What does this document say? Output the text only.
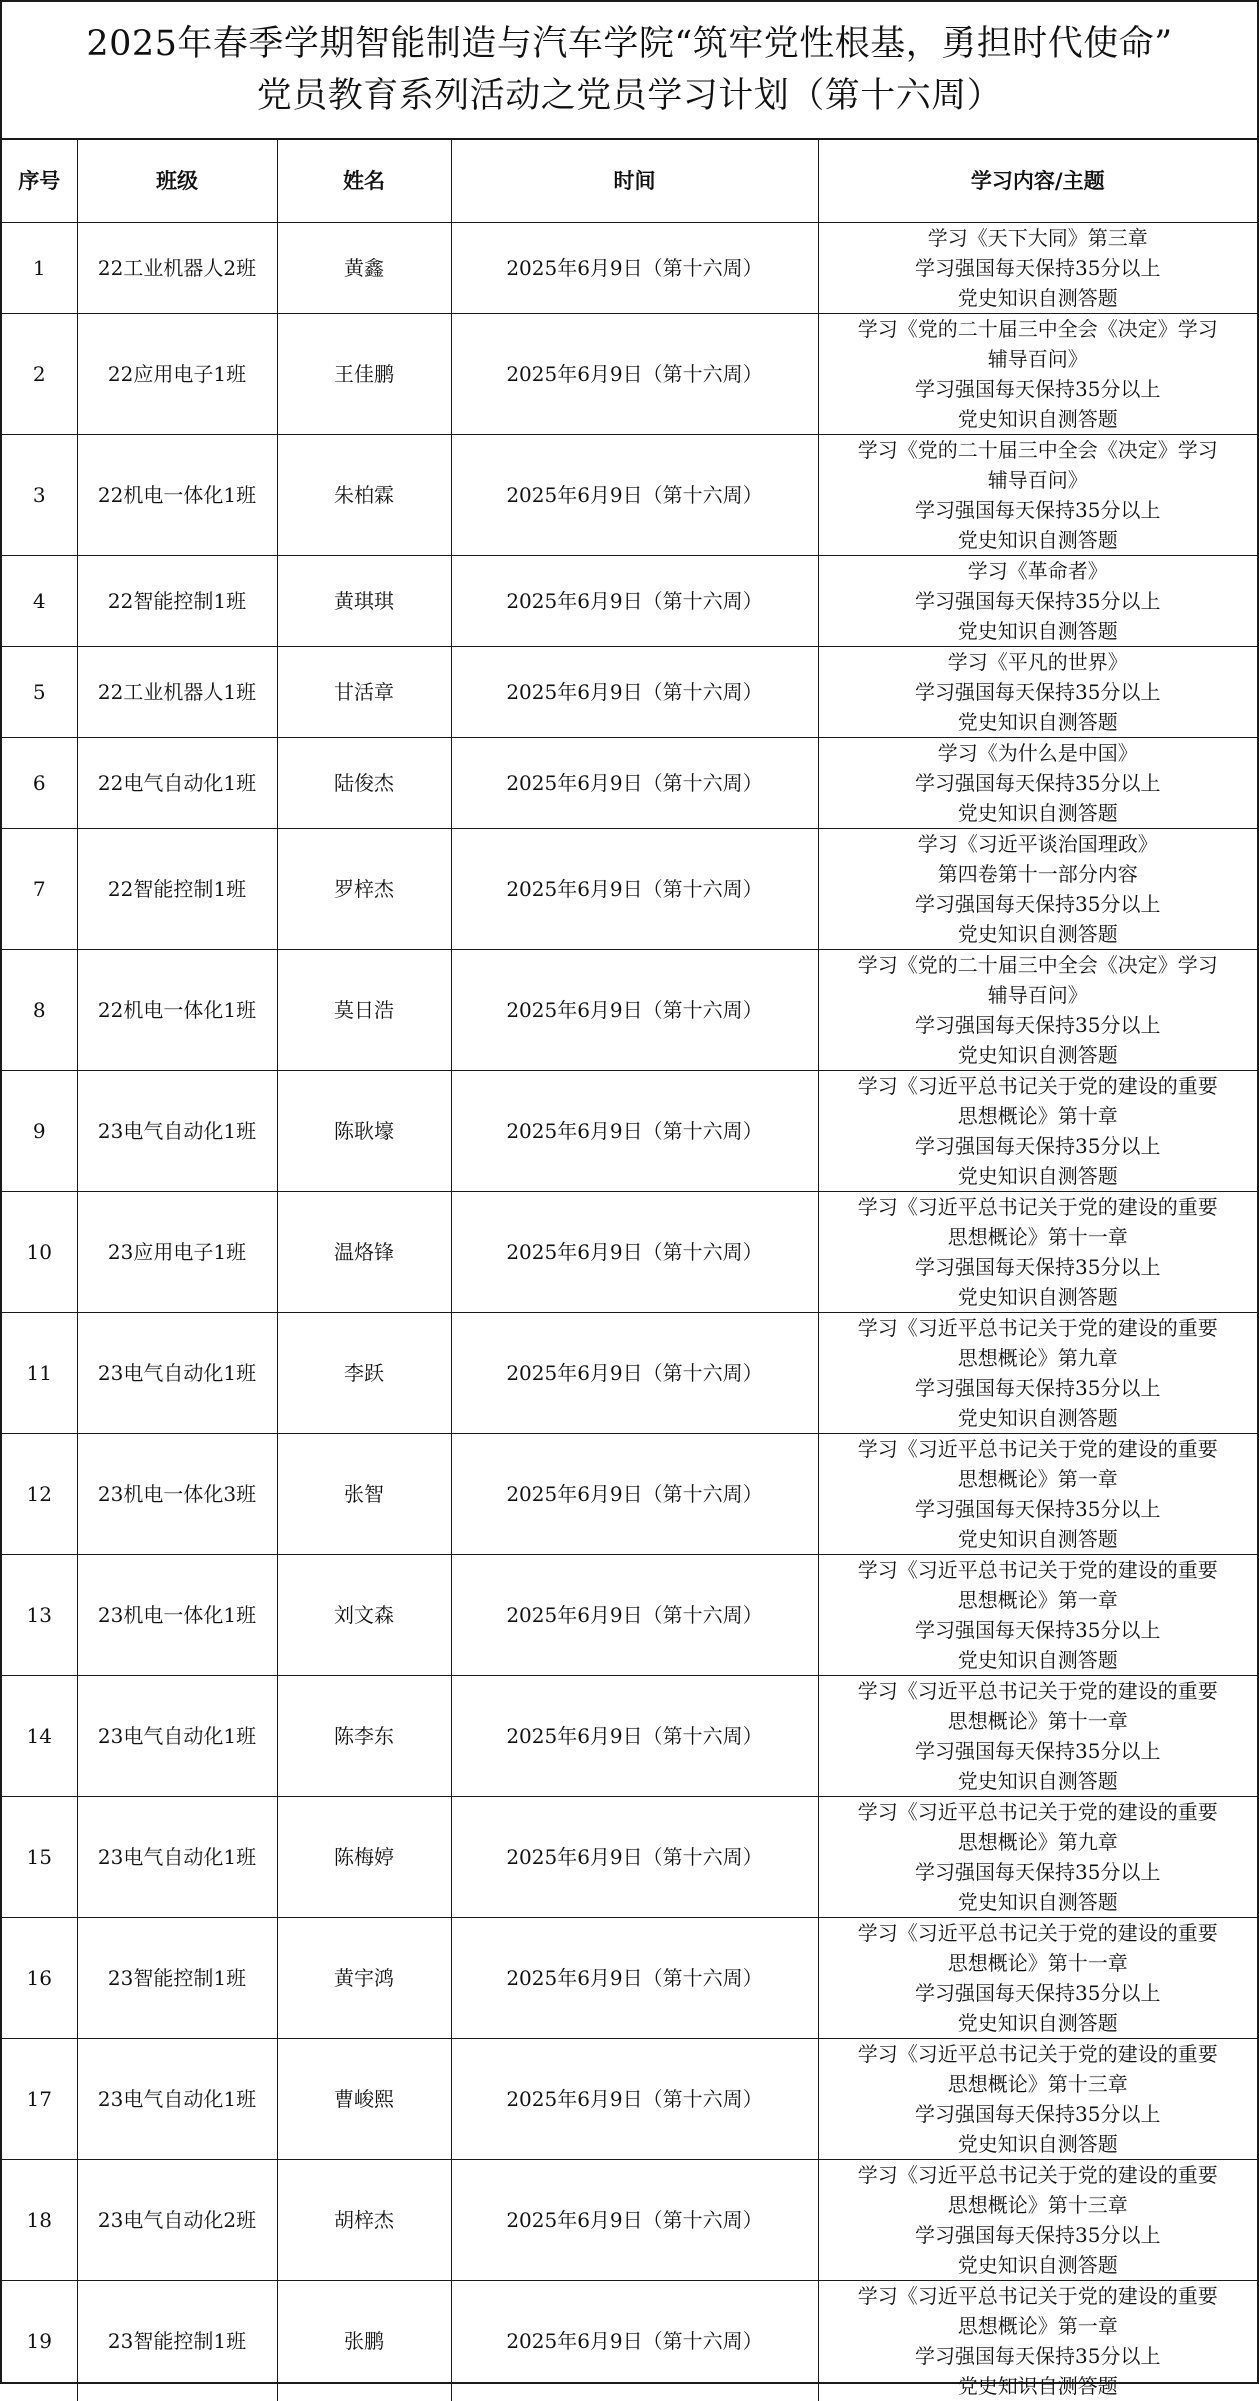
2025年春季学期智能制造与汽车学院“筑牢党性根基，勇担时代使命”
党员教育系列活动之党员学习计划（第十六周）
序号	班级	姓名	时间	学习内容/主题
1	22工业机器人2班	黄鑫	2025年6月9日（第十六周）	学习《天下大同》第三章
学习强国每天保持35分以上
党史知识自测答题

2	22应用电子1班	王佳鹏	2025年6月9日（第十六周）	学习《党的二十届三中全会《决定》学习
辅导百问》
学习强国每天保持35分以上
党史知识自测答题

3	22机电一体化1班	朱柏霖	2025年6月9日（第十六周）	学习《党的二十届三中全会《决定》学习
辅导百问》
学习强国每天保持35分以上
党史知识自测答题

4	22智能控制1班	黄琪琪	2025年6月9日（第十六周）	学习《革命者》
学习强国每天保持35分以上
党史知识自测答题

5	22工业机器人1班	甘活章	2025年6月9日（第十六周）	学习《平凡的世界》
学习强国每天保持35分以上
党史知识自测答题

6	22电气自动化1班	陆俊杰	2025年6月9日（第十六周）	学习《为什么是中国》
学习强国每天保持35分以上
党史知识自测答题

7	22智能控制1班	罗梓杰	2025年6月9日（第十六周）	学习《习近平谈治国理政》
第四卷第十一部分内容
学习强国每天保持35分以上
党史知识自测答题

8	22机电一体化1班	莫日浩	2025年6月9日（第十六周）	学习《党的二十届三中全会《决定》学习
辅导百问》
学习强国每天保持35分以上
党史知识自测答题

9	23电气自动化1班	陈耿壕	2025年6月9日（第十六周）	学习《习近平总书记关于党的建设的重要
思想概论》第十章
学习强国每天保持35分以上
党史知识自测答题

10	23应用电子1班	温烙锋	2025年6月9日（第十六周）	学习《习近平总书记关于党的建设的重要
思想概论》第十一章
学习强国每天保持35分以上
党史知识自测答题

11	23电气自动化1班	李跃	2025年6月9日（第十六周）	学习《习近平总书记关于党的建设的重要
思想概论》第九章
学习强国每天保持35分以上
党史知识自测答题

12	23机电一体化3班	张智	2025年6月9日（第十六周）	学习《习近平总书记关于党的建设的重要
思想概论》第一章
学习强国每天保持35分以上
党史知识自测答题

13	23机电一体化1班	刘文森	2025年6月9日（第十六周）	学习《习近平总书记关于党的建设的重要
思想概论》第一章
学习强国每天保持35分以上
党史知识自测答题

14	23电气自动化1班	陈李东	2025年6月9日（第十六周）	学习《习近平总书记关于党的建设的重要
思想概论》第十一章
学习强国每天保持35分以上
党史知识自测答题

15	23电气自动化1班	陈梅婷	2025年6月9日（第十六周）	学习《习近平总书记关于党的建设的重要
思想概论》第九章
学习强国每天保持35分以上
党史知识自测答题

16	23智能控制1班	黄宇鸿	2025年6月9日（第十六周）	学习《习近平总书记关于党的建设的重要
思想概论》第十一章
学习强国每天保持35分以上
党史知识自测答题

17	23电气自动化1班	曹峻熙	2025年6月9日（第十六周）	学习《习近平总书记关于党的建设的重要
思想概论》第十三章
学习强国每天保持35分以上
党史知识自测答题

18	23电气自动化2班	胡梓杰	2025年6月9日（第十六周）	学习《习近平总书记关于党的建设的重要
思想概论》第十三章
学习强国每天保持35分以上
党史知识自测答题

19	23智能控制1班	张鹏	2025年6月9日（第十六周）	学习《习近平总书记关于党的建设的重要
思想概论》第一章
学习强国每天保持35分以上
党史知识自测答题
